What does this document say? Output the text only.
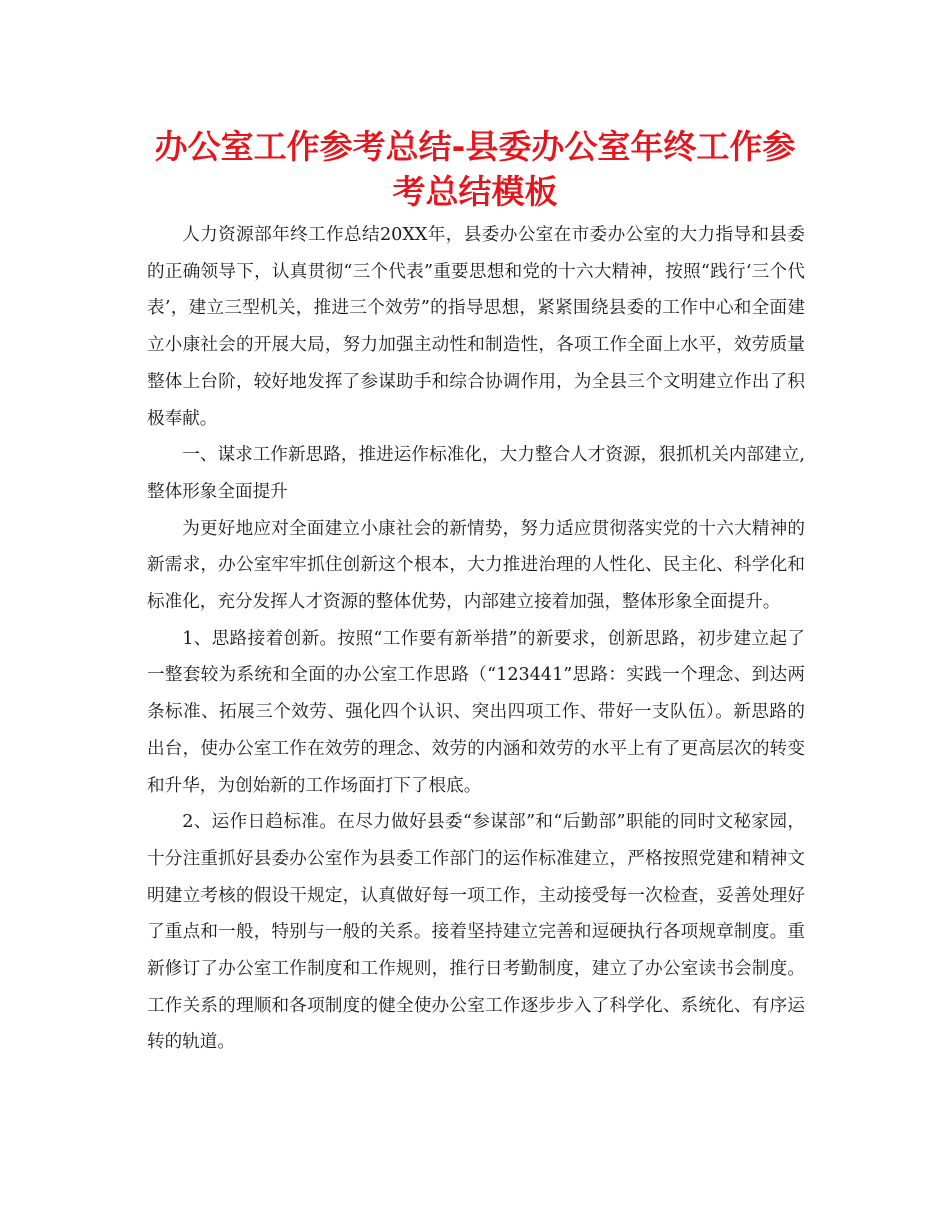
办公室工作参考总结-县委办公室年终工作参考总结模板

人力资源部年终工作总结20XX年，县委办公室在市委办公室的大力指导和县委的正确领导下，认真贯彻“三个代表”重要思想和党的十六大精神，按照“践行‘三个代表’，建立三型机关，推进三个效劳”的指导思想，紧紧围绕县委的工作中心和全面建立小康社会的开展大局，努力加强主动性和制造性，各项工作全面上水平，效劳质量整体上台阶，较好地发挥了参谋助手和综合协调作用，为全县三个文明建立作出了积极奉献。

一、谋求工作新思路，推进运作标准化，大力整合人才资源，狠抓机关内部建立,整体形象全面提升

为更好地应对全面建立小康社会的新情势，努力适应贯彻落实党的十六大精神的新需求，办公室牢牢抓住创新这个根本，大力推进治理的人性化、民主化、科学化和标准化，充分发挥人才资源的整体优势，内部建立接着加强，整体形象全面提升。

1、思路接着创新。按照“工作要有新举措”的新要求，创新思路，初步建立起了一整套较为系统和全面的办公室工作思路（“123441”思路：实践一个理念、到达两条标准、拓展三个效劳、强化四个认识、突出四项工作、带好一支队伍）。新思路的出台，使办公室工作在效劳的理念、效劳的内涵和效劳的水平上有了更高层次的转变和升华，为创始新的工作场面打下了根底。

2、运作日趋标准。在尽力做好县委“参谋部”和“后勤部”职能的同时文秘家园，十分注重抓好县委办公室作为县委工作部门的运作标准建立，严格按照党建和精神文明建立考核的假设干规定，认真做好每一项工作，主动接受每一次检查，妥善处理好了重点和一般，特别与一般的关系。接着坚持建立完善和逗硬执行各项规章制度。重新修订了办公室工作制度和工作规则，推行日考勤制度，建立了办公室读书会制度。工作关系的理顺和各项制度的健全使办公室工作逐步步入了科学化、系统化、有序运转的轨道。
